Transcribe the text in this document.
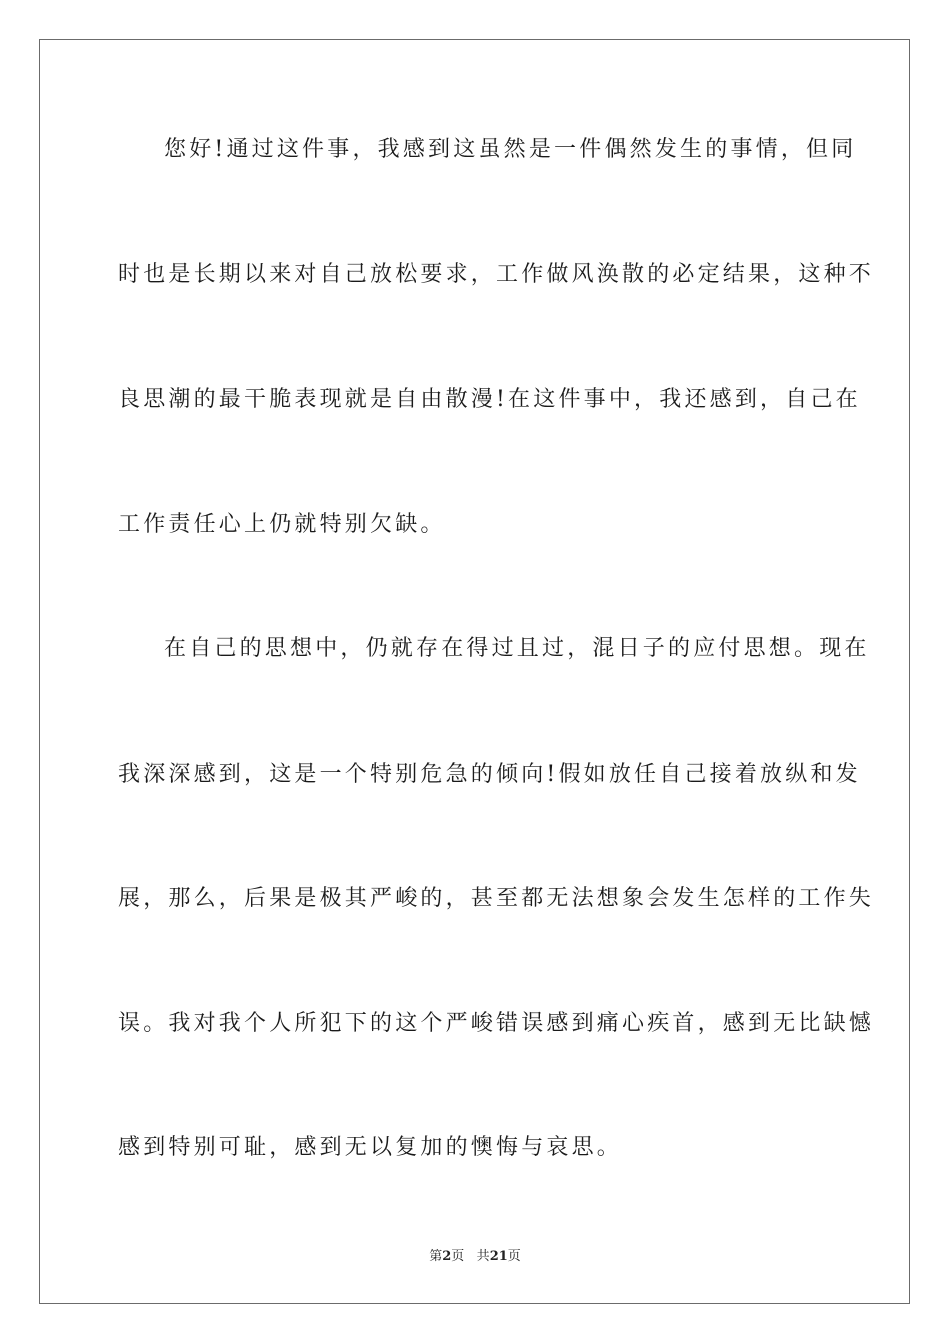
您好!通过这件事，我感到这虽然是一件偶然发生的事情，但同
时也是长期以来对自己放松要求，工作做风涣散的必定结果，这种不
良思潮的最干脆表现就是自由散漫!在这件事中，我还感到，自己在
工作责任心上仍就特别欠缺。
在自己的思想中，仍就存在得过且过，混日子的应付思想。现在
我深深感到，这是一个特别危急的倾向!假如放任自己接着放纵和发
展，那么，后果是极其严峻的，甚至都无法想象会发生怎样的工作失
误。我对我个人所犯下的这个严峻错误感到痛心疾首，感到无比缺憾
感到特别可耻，感到无以复加的懊悔与哀思。
第2页 共21页
